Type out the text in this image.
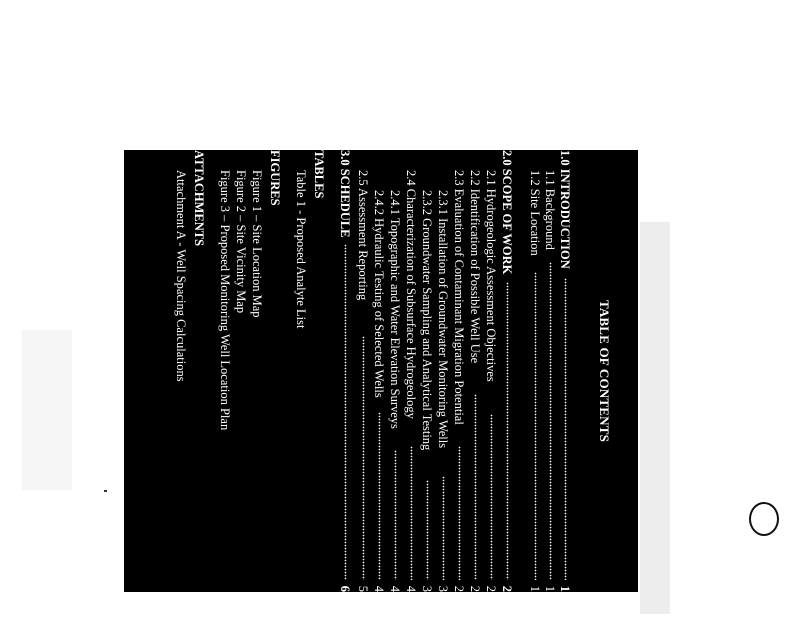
TABLE OF CONTENTS
1.0 INTRODUCTION
1
1.1 Background
1
1.2 Site Location
1
2.0 SCOPE OF WORK
2
2.1 Hydrogeologic Assessment Objectives
2
2.2 Identification of Possible Well Use
2
2.3 Evaluation of Contaminant Migration Potential
2
2.3.1 Installation of Groundwater Monitoring Wells
3
2.3.2 Groundwater Sampling and Analytical Testing
3
2.4 Characterization of Subsurface Hydrogeology
4
2.4.1 Topographic and Water Elevation Surveys
4
2.4.2 Hydraulic Testing of Selected Wells
4
2.5 Assessment Reporting
5
3.0 SCHEDULE
6
TABLES
Table 1 - Proposed Analyte List
FIGURES
Figure 1 – Site Location Map
Figure 2 – Site Vicinity Map
Figure 3 – Proposed Monitoring Well Location Plan
ATTACHMENTS
Attachment A - Well Spacing Calculations
